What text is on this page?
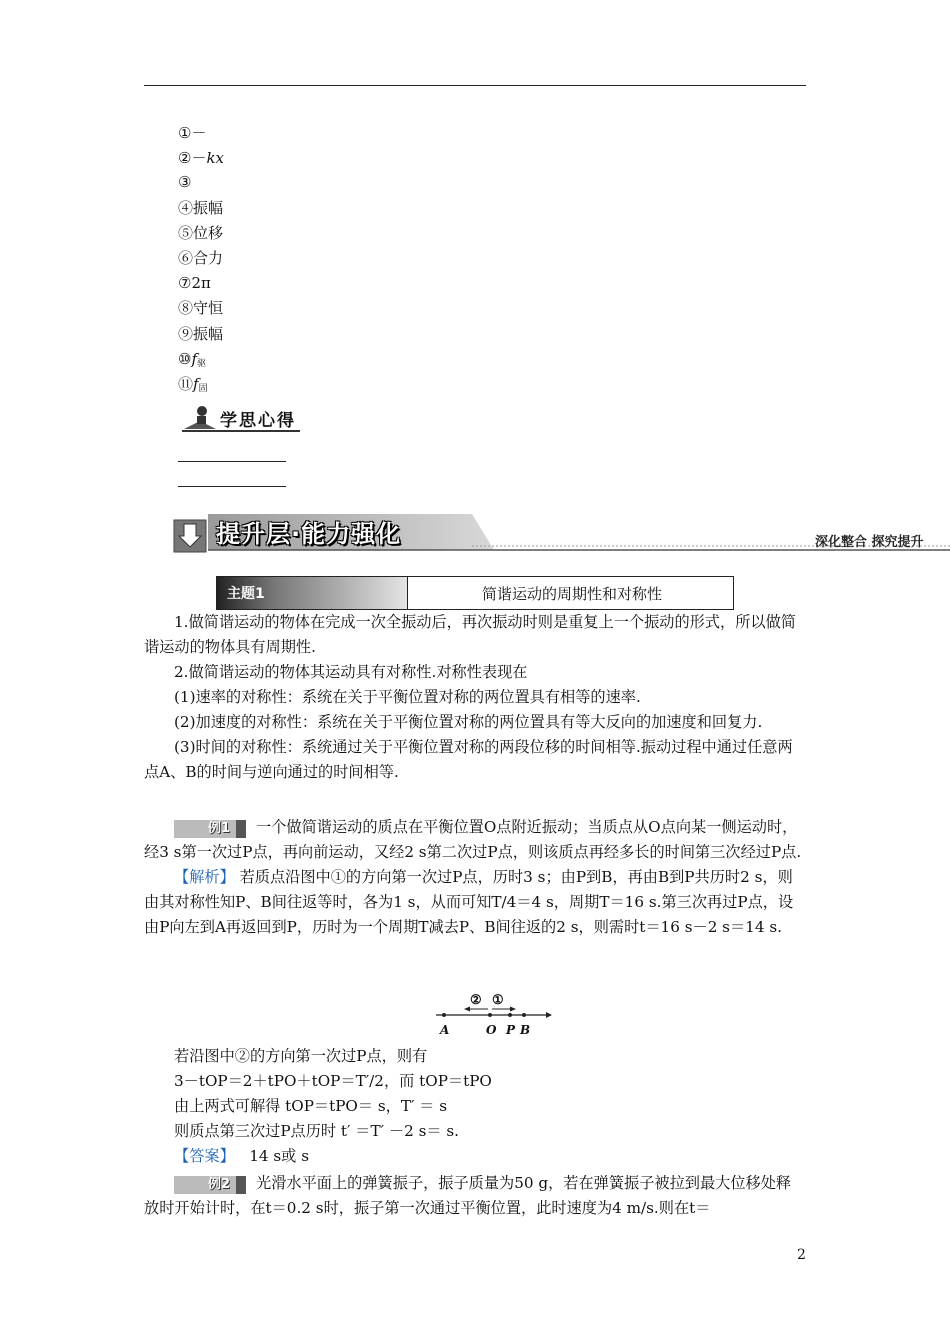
①－
②－kx
③
④振幅
⑤位移
⑥合力
⑦2π
⑧守恒
⑨振幅
$⑩f_驱$
$⑪f_固$
学思心得
提升层·能力强化	深化整合 探究提升
主题1	简谐运动的周期性和对称性

1.做简谐运动的物体在完成一次全振动后，再次振动时则是重复上一个振动的形式，所以做简谐运动的物体具有周期性.

2.做简谐运动的物体其运动具有对称性.对称性表现在

(1)速率的对称性：系统在关于平衡位置对称的两位置具有相等的速率.

(2)加速度的对称性：系统在关于平衡位置对称的两位置具有等大反向的加速度和回复力.

(3)时间的对称性：系统通过关于平衡位置对称的两段位移的时间相等.振动过程中通过任意两点A、B的时间与逆向通过的时间相等.

例1 一个做简谐运动的质点在平衡位置O点附近振动；当质点从O点向某一侧运动时，经3 s第一次过P点，再向前运动，又经2 s第二次过P点，则该质点再经多长的时间第三次经过P点.

【解析】 若质点沿图中①的方向第一次过P点，历时3 s；由P到B，再由B到P共历时2 s，则由其对称性知P、B间往返等时，各为1 s，从而可知T/4＝4 s，周期T＝16 s.第三次再过P点，设由P向左到A再返回到P，历时为一个周期T减去P、B间往返的2 s，则需时t＝16 s－2 s＝14 s.

② ①
A	O P B

若沿图中②的方向第一次过P点，则有

3－tOP＝2＋tPO＋tOP＝T′/2，而 tOP＝tPO

由上两式可解得 tOP＝tPO＝ s，T′ ＝ s

则质点第三次过P点历时 t′ ＝T′ －2 s＝ s.

【答案】 14 s或 s

例2 光滑水平面上的弹簧振子，振子质量为50 g，若在弹簧振子被拉到最大位移处释放时开始计时，在t＝0.2 s时，振子第一次通过平衡位置，此时速度为4 m/s.则在t＝

2
